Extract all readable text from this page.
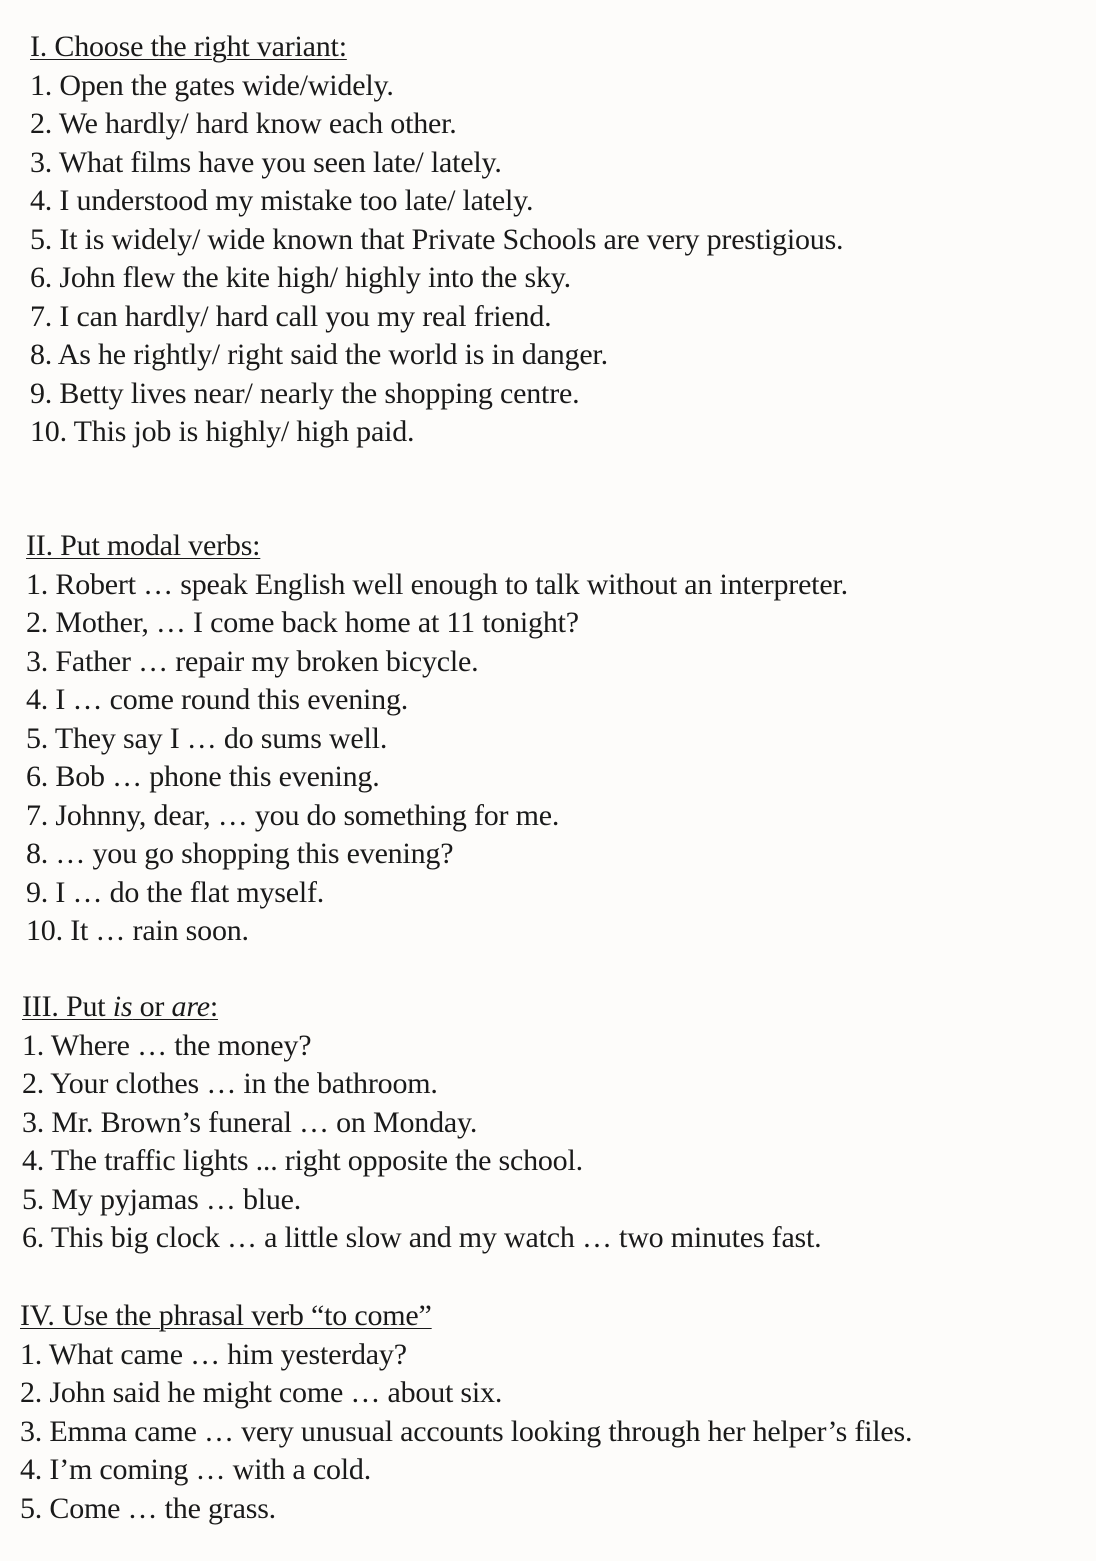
I. Choose the right variant:
1. Open the gates wide/widely.
2. We hardly/ hard know each other.
3. What films have you seen late/ lately.
4. I understood my mistake too late/ lately.
5. It is widely/ wide known that Private Schools are very prestigious.
6. John flew the kite high/ highly into the sky.
7. I can hardly/ hard call you my real friend.
8. As he rightly/ right said the world is in danger.
9. Betty lives near/ nearly the shopping centre.
10. This job is highly/ high paid.
II. Put modal verbs:
1. Robert … speak English well enough to talk without an interpreter.
2. Mother, … I come back home at 11 tonight?
3. Father … repair my broken bicycle.
4. I … come round this evening.
5. They say I … do sums well.
6. Bob … phone this evening.
7. Johnny, dear, … you do something for me.
8. … you go shopping this evening?
9. I … do the flat myself.
10. It … rain soon.
III. Put is or are:
1. Where … the money?
2. Your clothes … in the bathroom.
3. Mr. Brown’s funeral … on Monday.
4. The traffic lights ... right opposite the school.
5. My pyjamas … blue.
6. This big clock … a little slow and my watch … two minutes fast.
IV. Use the phrasal verb “to come”
1. What came … him yesterday?
2. John said he might come … about six.
3. Emma came … very unusual accounts looking through her helper’s files.
4. I’m coming … with a cold.
5. Come … the grass.
